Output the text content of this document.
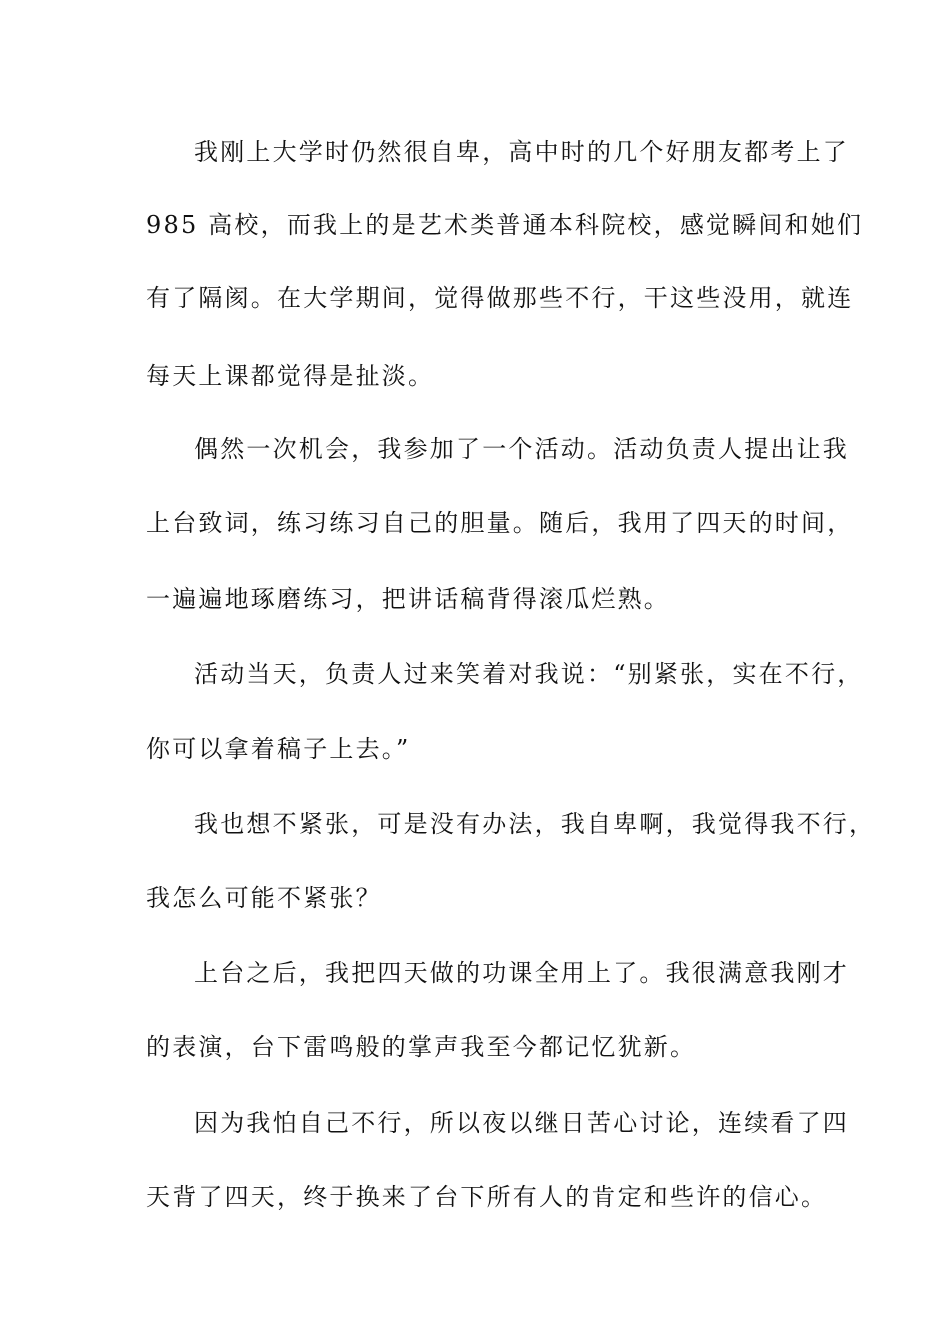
我刚上大学时仍然很自卑，高中时的几个好朋友都考上了

985 高校，而我上的是艺术类普通本科院校，感觉瞬间和她们

有了隔阂。在大学期间，觉得做那些不行，干这些没用，就连

每天上课都觉得是扯淡。

偶然一次机会，我参加了一个活动。活动负责人提出让我

上台致词，练习练习自己的胆量。随后，我用了四天的时间，

一遍遍地琢磨练习，把讲话稿背得滚瓜烂熟。

活动当天，负责人过来笑着对我说：“别紧张，实在不行，

你可以拿着稿子上去。”

我也想不紧张，可是没有办法，我自卑啊，我觉得我不行，

我怎么可能不紧张？

上台之后，我把四天做的功课全用上了。我很满意我刚才

的表演，台下雷鸣般的掌声我至今都记忆犹新。

因为我怕自己不行，所以夜以继日苦心讨论，连续看了四

天背了四天，终于换来了台下所有人的肯定和些许的信心。
